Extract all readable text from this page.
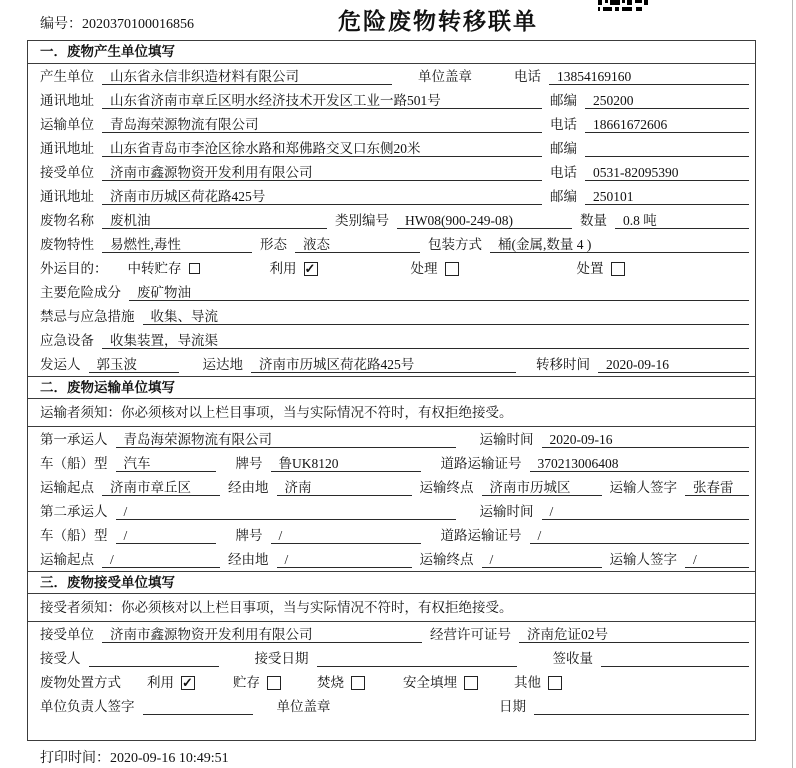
编号：2020370100016856	危险废物转移联单
一．废物产生单位填写
产生单位	山东省永信非织造材料有限公司	单位盖章	电话	13854169160
通讯地址	山东省济南市章丘区明水经济技术开发区工业一路501号	邮编	250200
运输单位	青岛海荣源物流有限公司	电话	18661672606
通讯地址	山东省青岛市李沧区徐水路和郑佛路交叉口东侧20米	邮编
接受单位	济南市鑫源物资开发利用有限公司	电话	0531-82095390
通讯地址	济南市历城区荷花路425号	邮编	250101
废物名称	废机油	类别编号	HW08(900-249-08)	数量	0.8 吨
废物特性	易燃性,毒性	形态	液态	包装方式	桶(金属,数量 4 )
外运目的： 中转贮存	利用 ✓	处理	处置
主要危险成分	废矿物油
禁忌与应急措施	收集、导流
应急设备	收集装置，导流渠
发运人	郭玉波	运达地	济南市历城区荷花路425号	转移时间	2020-09-16
二．废物运输单位填写
运输者须知：你必须核对以上栏目事项，当与实际情况不符时，有权拒绝接受。
第一承运人	青岛海荣源物流有限公司	运输时间	2020-09-16
车（船）型	汽车	牌号	鲁UK8120	道路运输证号	370213006408
运输起点	济南市章丘区	经由地	济南	运输终点	济南市历城区	运输人签字	张春雷
第二承运人	/	运输时间	/
车（船）型	/	牌号	/	道路运输证号	/
运输起点	/	经由地	/	运输终点	/	运输人签字	/
三．废物接受单位填写
接受者须知：你必须核对以上栏目事项，当与实际情况不符时，有权拒绝接受。
接受单位	济南市鑫源物资开发利用有限公司	经营许可证号	济南危证02号
接受人	接受日期	签收量
废物处置方式 利用 ✓	贮存	焚烧	安全填埋	其他
单位负责人签字	单位盖章	日期
打印时间：2020-09-16 10:49:51
